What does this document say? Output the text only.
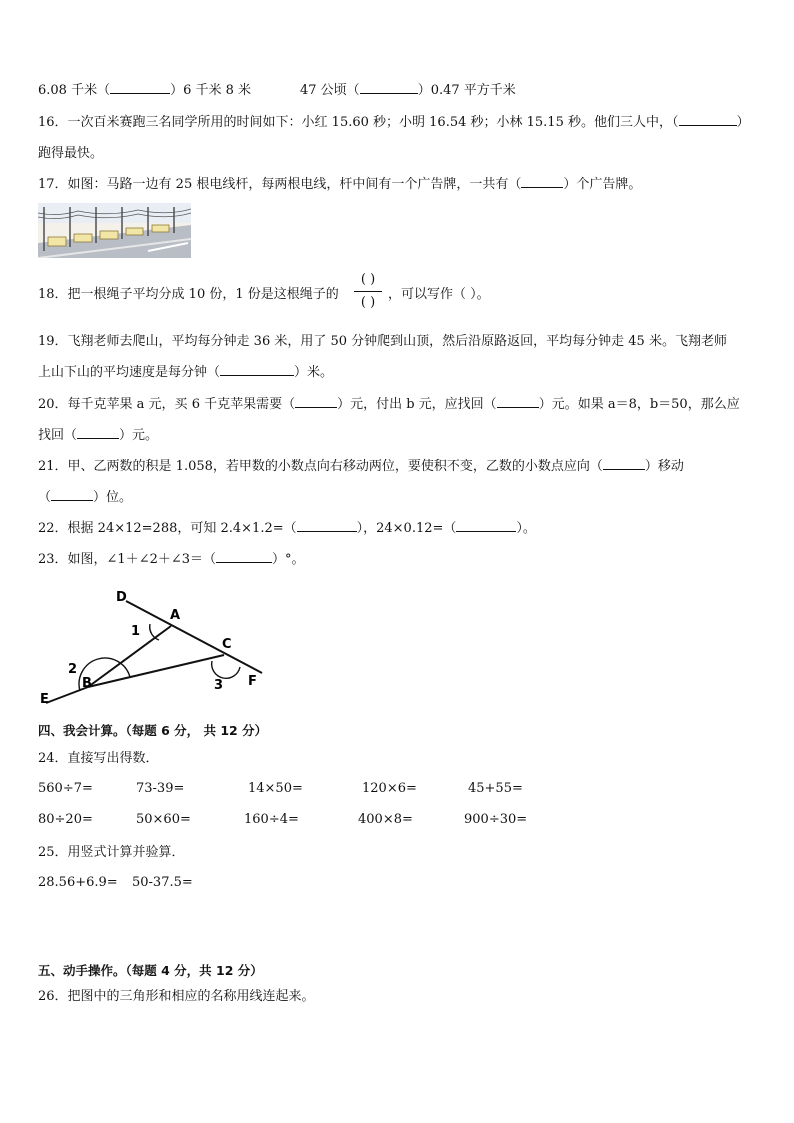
6.08 千米（	）6 千米 8 米	47 公顷（	）0.47 平方千米
16．一次百米赛跑三名同学所用的时间如下：小红 15.60 秒；小明 16.54 秒；小林 15.15 秒。他们三人中，（	）
跑得最快。
17．如图：马路一边有 25 根电线杆，每两根电线，杆中间有一个广告牌，一共有（	）个广告牌。
18．把一根绳子平均分成 10 份，1 份是这根绳子的
( )
( )
，可以写作（ ）。
19．飞翔老师去爬山，平均每分钟走 36 米，用了 50 分钟爬到山顶，然后沿原路返回，平均每分钟走 45 米。飞翔老师
上山下山的平均速度是每分钟（	）米。
20．每千克苹果 a 元，买 6 千克苹果需要（	）元，付出 b 元，应找回（	）元。如果 a＝8，b＝50，那么应
找回（	）元。
21．甲、乙两数的积是 1.058，若甲数的小数点向右移动两位，要使积不变，乙数的小数点应向（	）移动
（	）位。
22．根据 24×12=288，可知 2.4×1.2=（	），24×0.12=（	）。
23．如图，∠1＋∠2＋∠3＝（	）°。
D
A
C
F
E
B
1
2
3
四、我会计算。（每题 6 分， 共 12 分）
24．直接写出得数．
560÷7=	73-39=	14×50=	120×6=	45+55=
80÷20=	50×60=	160÷4=	400×8=	900÷30=
25．用竖式计算并验算．
28.56+6.9= 50-37.5=
五、动手操作。（每题 4 分，共 12 分）
26．把图中的三角形和相应的名称用线连起来。
